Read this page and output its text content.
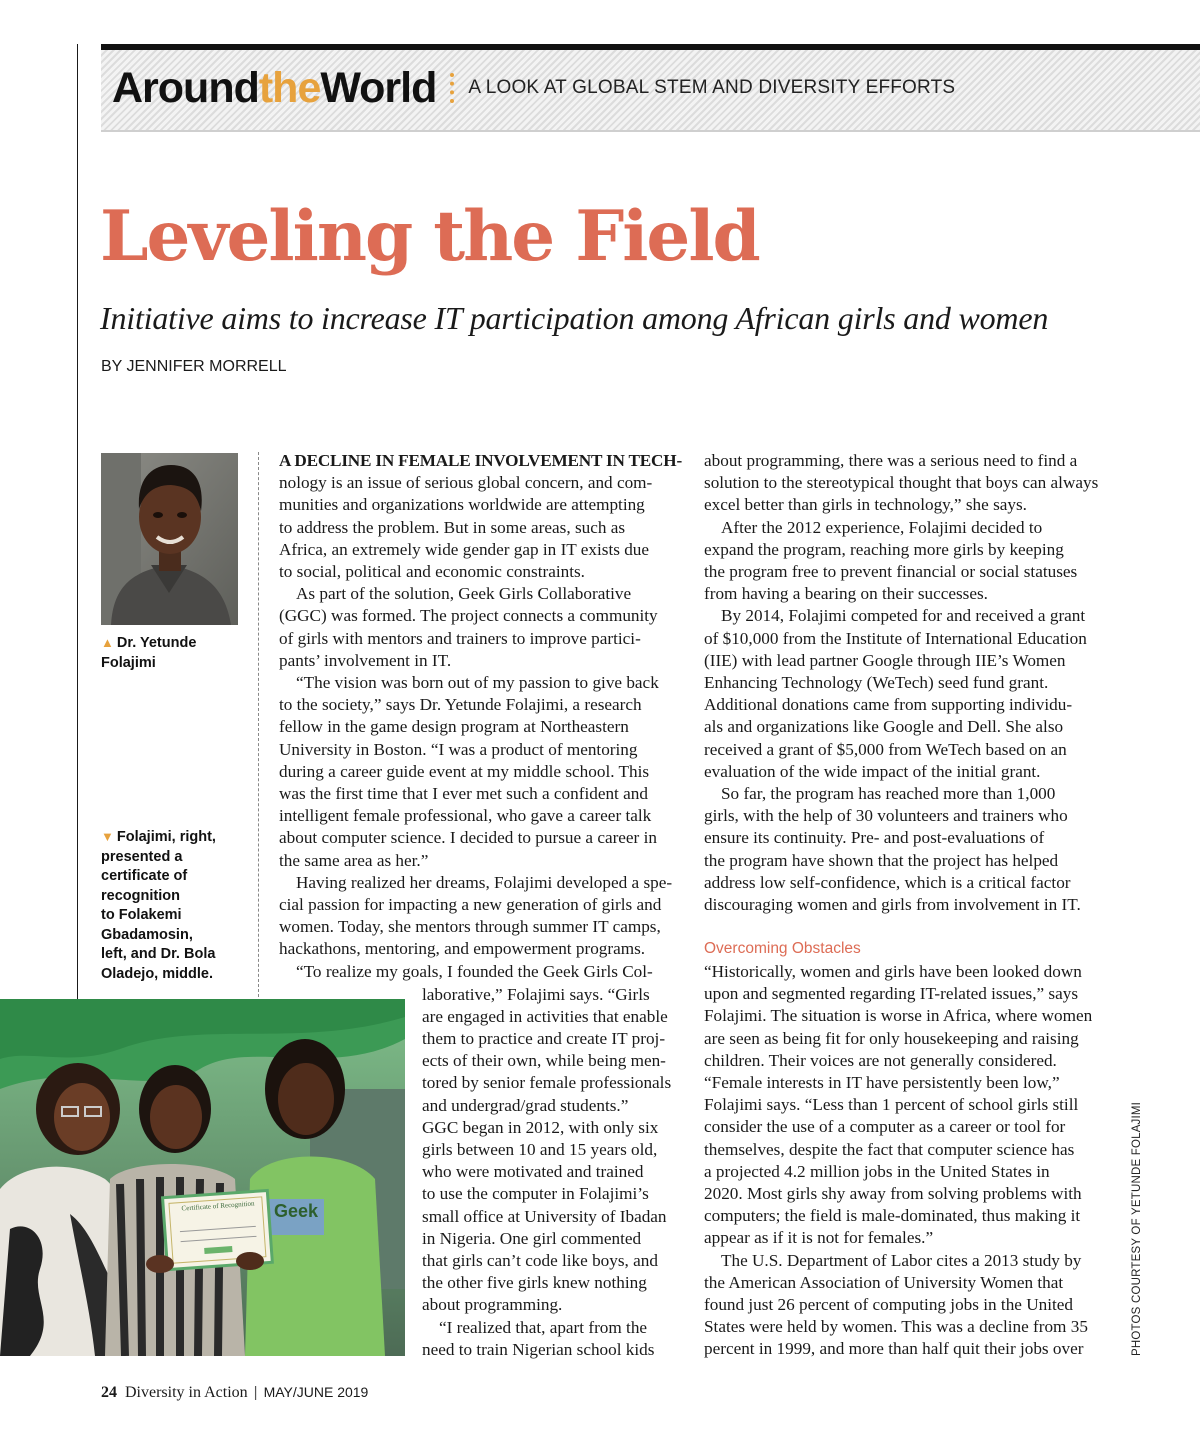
Around the World A LOOK AT GLOBAL STEM AND DIVERSITY EFFORTS
Leveling the Field
Initiative aims to increase IT participation among African girls and women
BY JENNIFER MORRELL
▲ Dr. Yetunde
Folajimi
▼ Folajimi, right,
presented a
certificate of
recognition
to Folakemi
Gbadamosin,
left, and Dr. Bola
Oladejo, middle.

A DECLINE IN FEMALE INVOLVEMENT IN TECH-

nology is an issue of serious global concern, and com-

munities and organizations worldwide are attempting

to address the problem. But in some areas, such as

Africa, an extremely wide gender gap in IT exists due

to social, political and economic constraints.

As part of the solution, Geek Girls Collaborative

(GGC) was formed. The project connects a community

of girls with mentors and trainers to improve partici-

pants’ involvement in IT.

“The vision was born out of my passion to give back

to the society,” says Dr. Yetunde Folajimi, a research

fellow in the game design program at Northeastern

University in Boston. “I was a product of mentoring

during a career guide event at my middle school. This

was the first time that I ever met such a confident and

intelligent female professional, who gave a career talk

about computer science. I decided to pursue a career in

the same area as her.”

Having realized her dreams, Folajimi developed a spe-

cial passion for impacting a new generation of girls and

women. Today, she mentors through summer IT camps,

hackathons, mentoring, and empowerment programs.

“To realize my goals, I founded the Geek Girls Col-

laborative,” Folajimi says. “Girls

are engaged in activities that enable

them to practice and create IT proj-

ects of their own, while being men-

tored by senior female professionals

and undergrad/grad students.”

GGC began in 2012, with only six

girls between 10 and 15 years old,

who were motivated and trained

to use the computer in Folajimi’s

small office at University of Ibadan

in Nigeria. One girl commented

that girls can’t code like boys, and

the other five girls knew nothing

about programming.

“I realized that, apart from the

need to train Nigerian school kids

about programming, there was a serious need to find a

solution to the stereotypical thought that boys can always

excel better than girls in technology,” she says.

After the 2012 experience, Folajimi decided to

expand the program, reaching more girls by keeping

the program free to prevent financial or social statuses

from having a bearing on their successes.

By 2014, Folajimi competed for and received a grant

of $10,000 from the Institute of International Education

(IIE) with lead partner Google through IIE’s Women

Enhancing Technology (WeTech) seed fund grant.

Additional donations came from supporting individu-

als and organizations like Google and Dell. She also

received a grant of $5,000 from WeTech based on an

evaluation of the wide impact of the initial grant.

So far, the program has reached more than 1,000

girls, with the help of 30 volunteers and trainers who

ensure its continuity. Pre- and post-evaluations of

the program have shown that the project has helped

address low self-confidence, which is a critical factor

discouraging women and girls from involvement in IT.

Overcoming Obstacles

“Historically, women and girls have been looked down

upon and segmented regarding IT-related issues,” says

Folajimi. The situation is worse in Africa, where women

are seen as being fit for only housekeeping and raising

children. Their voices are not generally considered.

“Female interests in IT have persistently been low,”

Folajimi says. “Less than 1 percent of school girls still

consider the use of a computer as a career or tool for

themselves, despite the fact that computer science has

a projected 4.2 million jobs in the United States in

2020. Most girls shy away from solving problems with

computers; the field is male-dominated, thus making it

appear as if it is not for females.”

The U.S. Department of Labor cites a 2013 study by

the American Association of University Women that

found just 26 percent of computing jobs in the United

States were held by women. This was a decline from 35

percent in 1999, and more than half quit their jobs over

Certificate of Recognition	Geek	PHOTOS COURTESY OF YETUNDE FOLAJIMI
24 Diversity in Action | MAY/JUNE 2019
